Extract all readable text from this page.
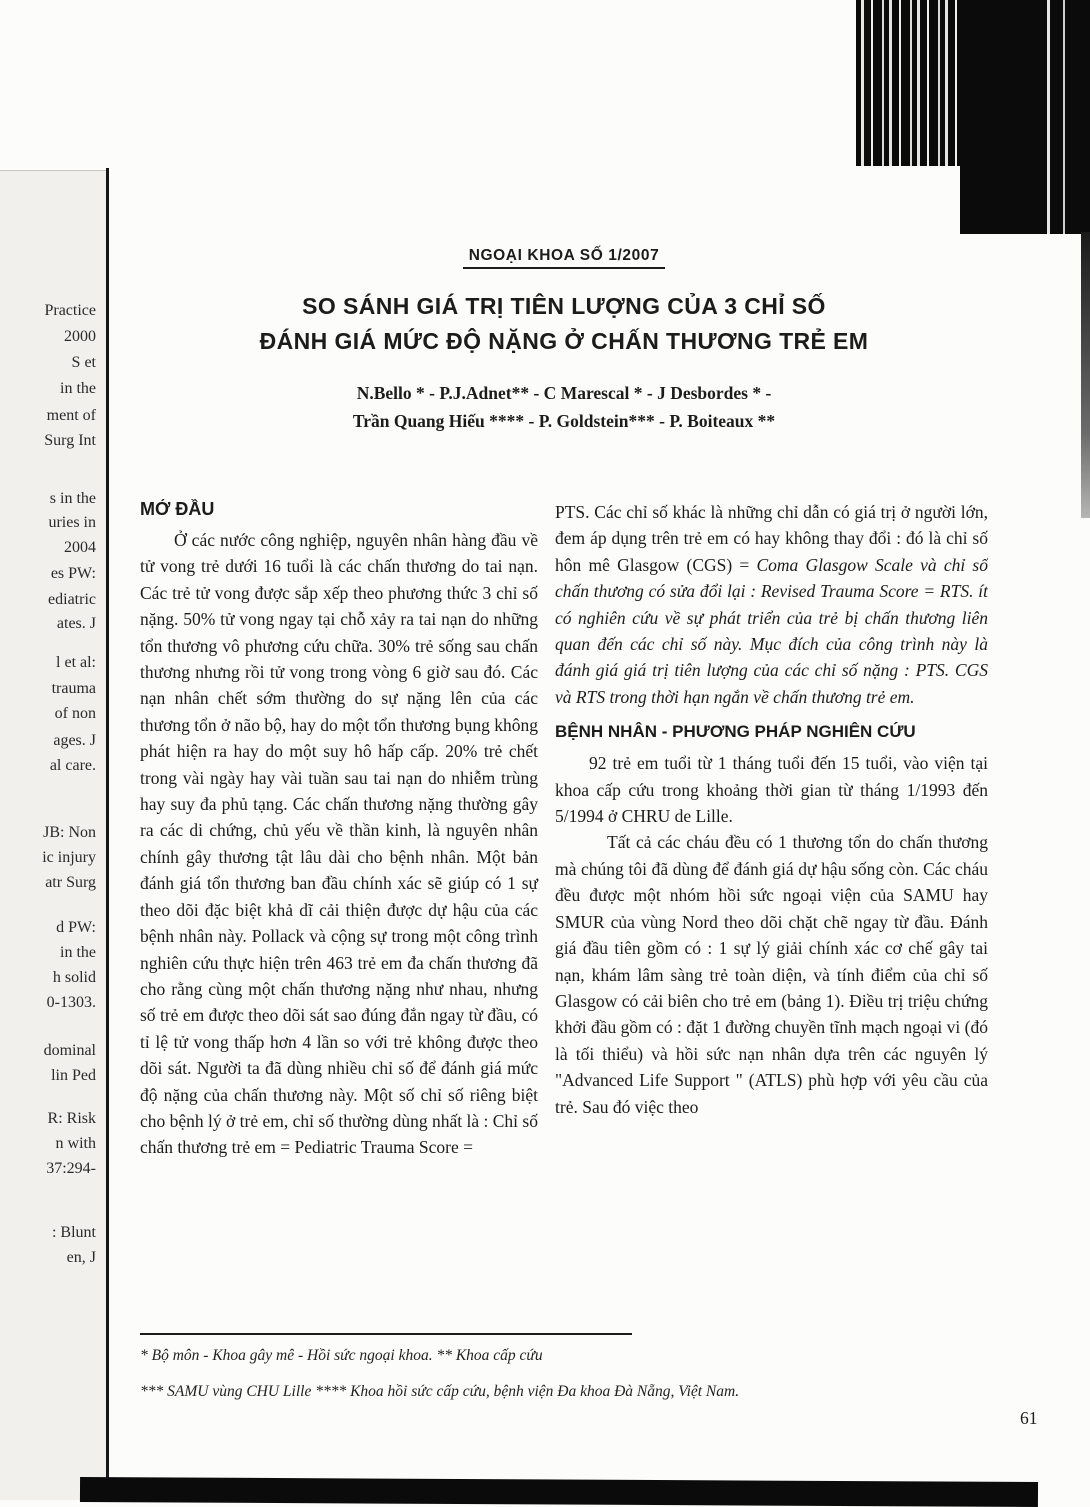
Practice
2000
S et
in the
ment of
Surg Int
s in the
uries in
2004
es PW:
ediatric
ates. J
l et al:
trauma
of non
ages. J
al care.
JB: Non
ic injury
atr Surg
d PW:
in the
h solid
0-1303.
dominal
lin Ped
R: Risk
n with
37:294-
: Blunt
en, J
NGOẠI KHOA SỐ 1/2007
SO SÁNH GIÁ TRỊ TIÊN LƯỢNG CỦA 3 CHỈ SỐ
ĐÁNH GIÁ MỨC ĐỘ NẶNG Ở CHẤN THƯƠNG TRẺ EM
N.Bello * - P.J.Adnet** - C Marescal * - J Desbordes * -
Trần Quang Hiếu **** - P. Goldstein*** - P. Boiteaux **
MỞ ĐẦU

Ở các nước công nghiệp, nguyên nhân hàng đầu về tử vong trẻ dưới 16 tuổi là các chấn thương do tai nạn. Các trẻ tử vong được sắp xếp theo phương thức 3 chỉ số nặng. 50% tử vong ngay tại chỗ xảy ra tai nạn do những tổn thương vô phương cứu chữa. 30% trẻ sống sau chấn thương nhưng rồi tử vong trong vòng 6 giờ sau đó. Các nạn nhân chết sớm thường do sự nặng lên của các thương tổn ở não bộ, hay do một tổn thương bụng không phát hiện ra hay do một suy hô hấp cấp. 20% trẻ chết trong vài ngày hay vài tuần sau tai nạn do nhiễm trùng hay suy đa phủ tạng. Các chấn thương nặng thường gây ra các di chứng, chủ yếu về thần kinh, là nguyên nhân chính gây thương tật lâu dài cho bệnh nhân. Một bản đánh giá tổn thương ban đầu chính xác sẽ giúp có 1 sự theo dõi đặc biệt khả dĩ cải thiện được dự hậu của các bệnh nhân này. Pollack và cộng sự trong một công trình nghiên cứu thực hiện trên 463 trẻ em đa chấn thương đã cho rằng cùng một chấn thương nặng như nhau, nhưng số trẻ em được theo dõi sát sao đúng đắn ngay từ đầu, có tỉ lệ tử vong thấp hơn 4 lần so với trẻ không được theo dõi sát. Người ta đã dùng nhiều chỉ số để đánh giá mức độ nặng của chấn thương này. Một số chỉ số riêng biệt cho bệnh lý ở trẻ em, chỉ số thường dùng nhất là : Chỉ số chấn thương trẻ em = Pediatric Trauma Score =

PTS. Các chỉ số khác là những chỉ dẫn có giá trị ở người lớn, đem áp dụng trên trẻ em có hay không thay đổi : đó là chỉ số hôn mê Glasgow (CGS) = Coma Glasgow Scale và chỉ số chấn thương có sửa đổi lại : Revised Trauma Score = RTS. ít có nghiên cứu về sự phát triển của trẻ bị chấn thương liên quan đến các chỉ số này. Mục đích của công trình này là đánh giá giá trị tiên lượng của các chỉ số nặng : PTS. CGS và RTS trong thời hạn ngắn về chấn thương trẻ em.

BỆNH NHÂN - PHƯƠNG PHÁP NGHIÊN CỨU

92 trẻ em tuổi từ 1 tháng tuổi đến 15 tuổi, vào viện tại khoa cấp cứu trong khoảng thời gian từ tháng 1/1993 đến 5/1994 ở CHRU de Lille.

Tất cả các cháu đều có 1 thương tổn do chấn thương mà chúng tôi đã dùng để đánh giá dự hậu sống còn. Các cháu đều được một nhóm hồi sức ngoại viện của SAMU hay SMUR của vùng Nord theo dõi chặt chẽ ngay từ đầu. Đánh giá đầu tiên gồm có : 1 sự lý giải chính xác cơ chế gây tai nạn, khám lâm sàng trẻ toàn diện, và tính điểm của chỉ số Glasgow có cải biên cho trẻ em (bảng 1). Điều trị triệu chứng khởi đầu gồm có : đặt 1 đường chuyền tĩnh mạch ngoại vi (đó là tối thiểu) và hồi sức nạn nhân dựa trên các nguyên lý "Advanced Life Support " (ATLS) phù hợp với yêu cầu của trẻ. Sau đó việc theo

* Bộ môn - Khoa gây mê - Hồi sức ngoại khoa. ** Khoa cấp cứu
*** SAMU vùng CHU Lille **** Khoa hồi sức cấp cứu, bệnh viện Đa khoa Đà Nẵng, Việt Nam.
61
